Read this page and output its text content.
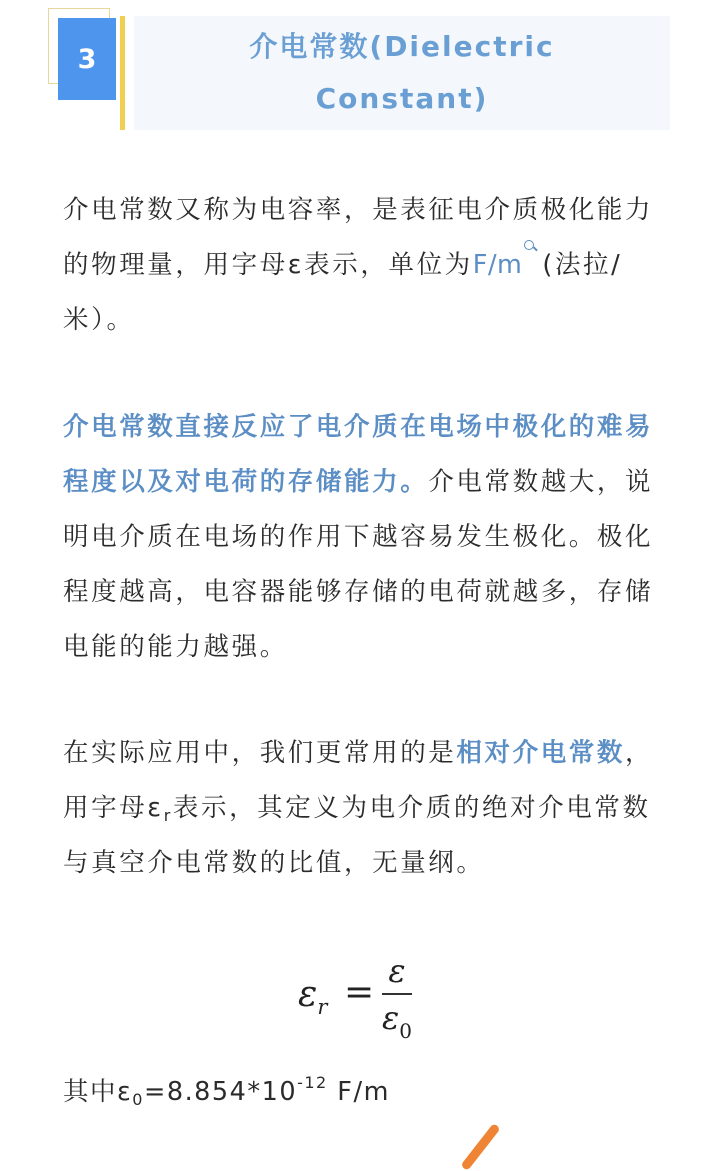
3	介电常数(Dielectric
Constant)

介电常数又称为电容率，是表征电介质极化能力的物理量，用字母ε表示，单位为F/m (法拉/米）。

介电常数直接反应了电介质在电场中极化的难易程度以及对电荷的存储能力。介电常数越大，说明电介质在电场的作用下越容易发生极化。极化程度越高，电容器能够存储的电荷就越多，存储电能的能力越强。

在实际应用中，我们更常用的是相对介电常数，用字母$\varepsilon_r$表示，其定义为电介质的绝对介电常数与真空介电常数的比值，无量纲。

$\varepsilon_r$ =
ε
$\varepsilon_0$

其中$\varepsilon_0=8.854*10^{-12}$ F/m
